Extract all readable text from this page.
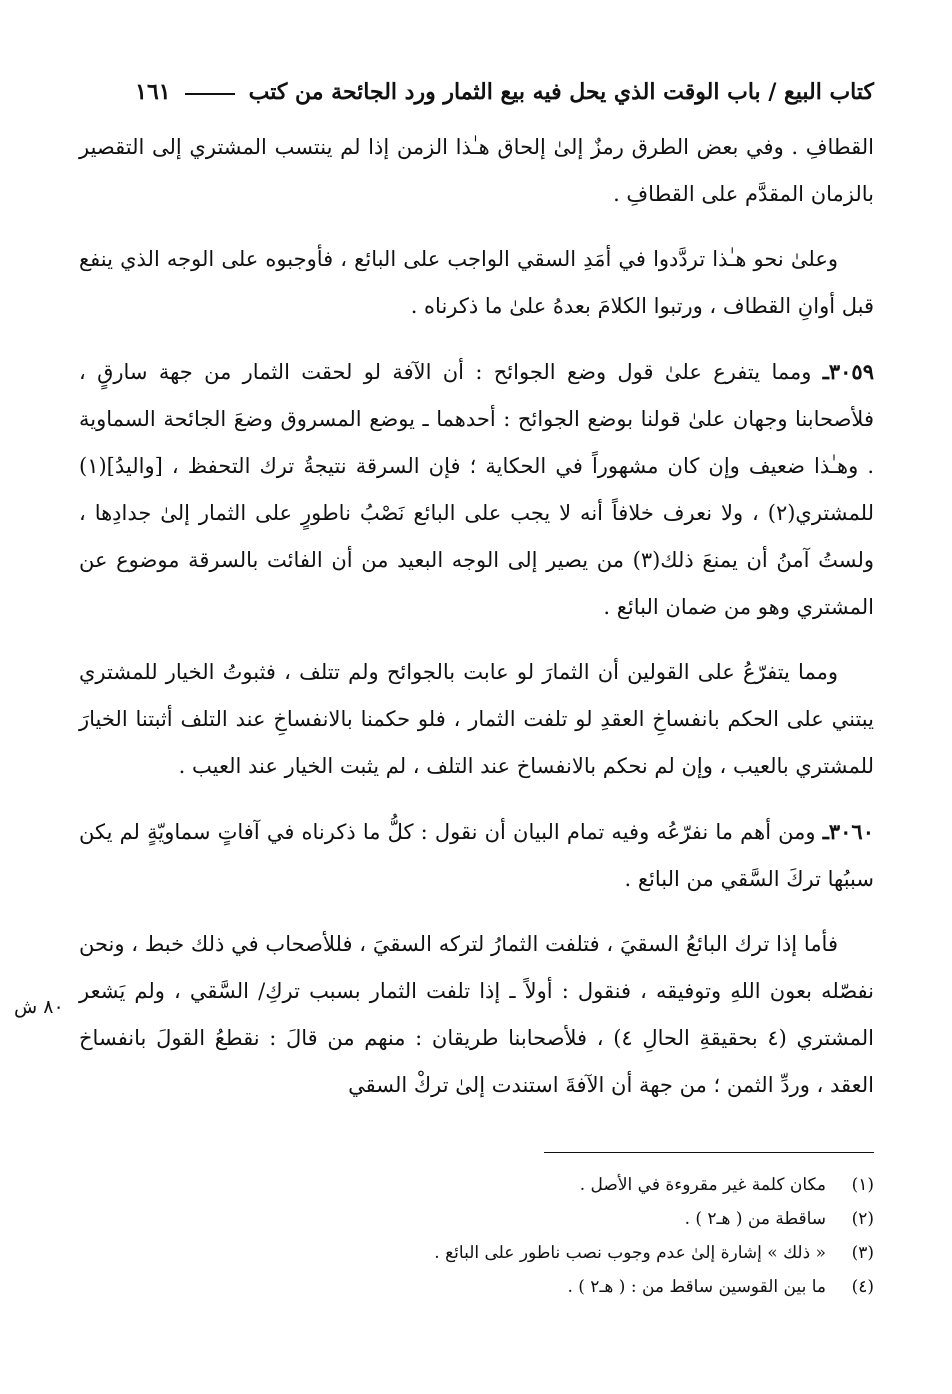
كتاب البيع / باب الوقت الذي يحل فيه بيع الثمار ورد الجائحة من كتب
١٦١

القطافِ . وفي بعض الطرق رمزٌ إلىٰ إلحاق هـٰذا الزمن إذا لم ينتسب المشتري إلى التقصير بالزمان المقدَّم على القطافِ .

وعلىٰ نحو هـٰذا تردَّدوا في أمَدِ السقي الواجب على البائع ، فأوجبوه على الوجه الذي ينفع قبل أوانِ القطاف ، ورتبوا الكلامَ بعدهُ علىٰ ما ذكرناه .

٣٠٥٩ـ ومما يتفرع علىٰ قول وضع الجوائح : أن الآفة لو لحقت الثمار من جهة سارقٍ ، فلأصحابنا وجهان علىٰ قولنا بوضع الجوائح : أحدهما ـ يوضع المسروق وضعَ الجائحة السماوية . وهـٰذا ضعيف وإن كان مشهوراً في الحكاية ؛ فإن السرقة نتيجةُ ترك التحفظ ، [واليدُ](١) للمشتري(٢) ، ولا نعرف خلافاً أنه لا يجب على البائع نَصْبُ ناطورٍ على الثمار إلىٰ جدادِها ، ولستُ آمنُ أن يمنعَ ذلك(٣) من يصير إلى الوجه البعيد من أن الفائت بالسرقة موضوع عن المشتري وهو من ضمان البائع .

ومما يتفرّعُ على القولين أن الثمارَ لو عابت بالجوائح ولم تتلف ، فثبوتُ الخيار للمشتري يبتني على الحكم بانفساخِ العقدِ لو تلفت الثمار ، فلو حكمنا بالانفساخِ عند التلف أثبتنا الخيارَ للمشتري بالعيب ، وإن لم نحكم بالانفساخ عند التلف ، لم يثبت الخيار عند العيب .

٣٠٦٠ـ ومن أهم ما نفرّعُه وفيه تمام البيان أن نقول : كلُّ ما ذكرناه في آفاتٍ سماويّةٍ لم يكن سببُها تركَ السَّقي من البائع .

فأما إذا ترك البائعُ السقيَ ، فتلفت الثمارُ لتركه السقيَ ، فللأصحاب في ذلك خبط ، ونحن نفصّله بعون اللهِ وتوفيقه ، فنقول : أولاً ـ إذا تلفت الثمار بسبب تركِ/ السَّقي ، ولم يَشعر المشتري (٤ بحقيقةِ الحالِ ٤) ، فلأصحابنا طريقان : منهم من قالَ : نقطعُ القولَ بانفساخ العقد ، وردِّ الثمن ؛ من جهة أن الآفةَ استندت إلىٰ تركْ السقي

٨٠ ش
(١)
مكان كلمة غير مقروءة في الأصل .
(٢)
ساقطة من ( هـ٢ ) .
(٣)
« ذلك » إشارة إلىٰ عدم وجوب نصب ناطور على البائع .
(٤)
ما بين القوسين ساقط من : ( هـ٢ ) .
